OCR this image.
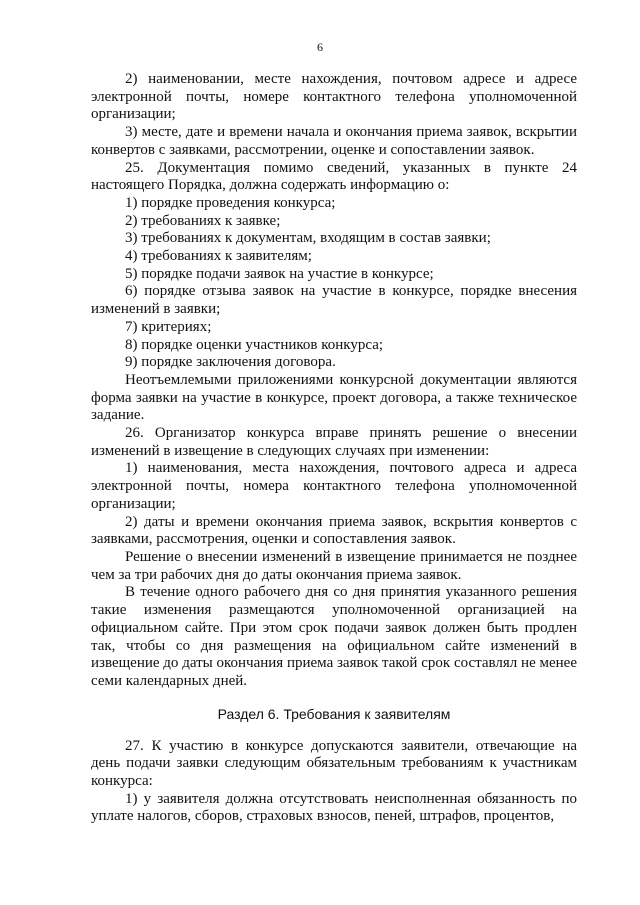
6

2) наименовании, месте нахождения, почтовом адресе и адресе электронной почты, номере контактного телефона уполномоченной организации;

3) месте, дате и времени начала и окончания приема заявок, вскрытии конвертов с заявками, рассмотрении, оценке и сопоставлении заявок.

25. Документация помимо сведений, указанных в пункте 24 настоящего Порядка, должна содержать информацию о:

1) порядке проведения конкурса;

2) требованиях к заявке;

3) требованиях к документам, входящим в состав заявки;

4) требованиях к заявителям;

5) порядке подачи заявок на участие в конкурсе;

6) порядке отзыва заявок на участие в конкурсе, порядке внесения изменений в заявки;

7) критериях;

8) порядке оценки участников конкурса;

9) порядке заключения договора.

Неотъемлемыми приложениями конкурсной документации являются форма заявки на участие в конкурсе, проект договора, а также техническое задание.

26. Организатор конкурса вправе принять решение о внесении изменений в извещение в следующих случаях при изменении:

1) наименования, места нахождения, почтового адреса и адреса электронной почты, номера контактного телефона уполномоченной организации;

2) даты и времени окончания приема заявок, вскрытия конвертов с заявками, рассмотрения, оценки и сопоставления заявок.

Решение о внесении изменений в извещение принимается не позднее чем за три рабочих дня до даты окончания приема заявок.

В течение одного рабочего дня со дня принятия указанного решения такие изменения размещаются уполномоченной организацией на официальном сайте. При этом срок подачи заявок должен быть продлен так, чтобы со дня размещения на официальном сайте изменений в извещение до даты окончания приема заявок такой срок составлял не менее семи календарных дней.

Раздел 6. Требования к заявителям

27. К участию в конкурсе допускаются заявители, отвечающие на день подачи заявки следующим обязательным требованиям к участникам конкурса:

1) у заявителя должна отсутствовать неисполненная обязанность по уплате налогов, сборов, страховых взносов, пеней, штрафов, процентов,
